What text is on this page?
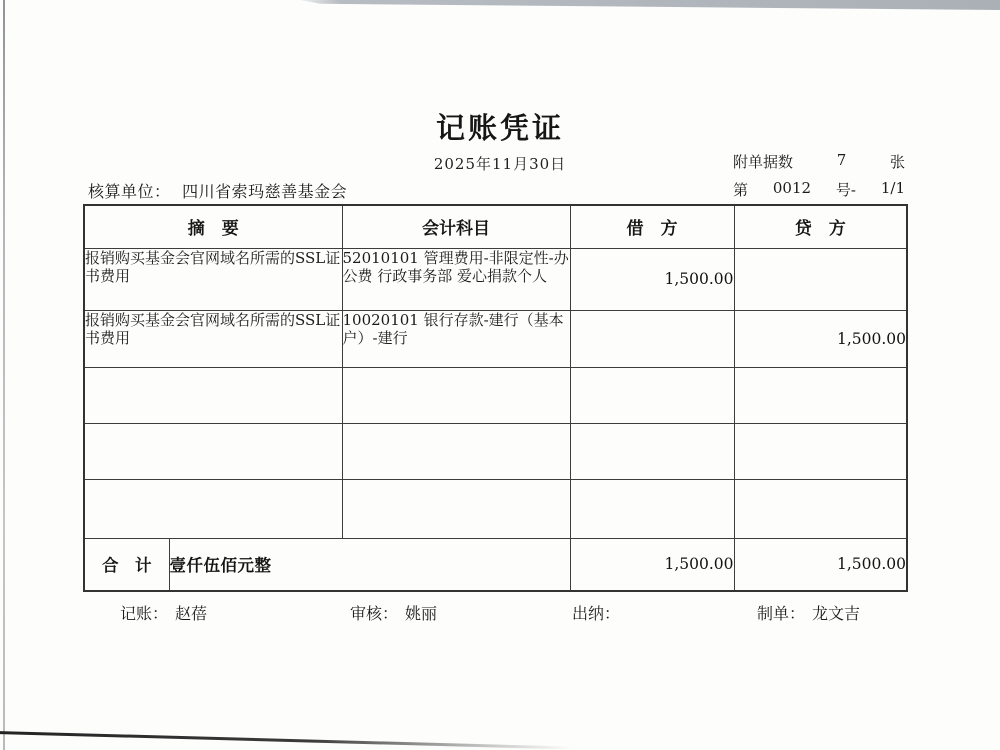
记账凭证
2025年11月30日	附单据数	7	张
第 0012 号- 1/1
核算单位： 四川省索玛慈善基金会
摘　要		会计科目	借　方	贷　方
报销购买基金会官网域名所需的SSL证书费用		52010101 管理费用-非限定性-办公费 行政事务部 爱心捐款个人	1,500.00	
报销购买基金会官网域名所需的SSL证书费用		10020101 银行存款-建行（基本户）-建行		1,500.00

合　计	壹仟伍佰元整		1,500.00	1,500.00
记账： 赵蓓	审核： 姚丽	出纳：	制单： 龙文吉
